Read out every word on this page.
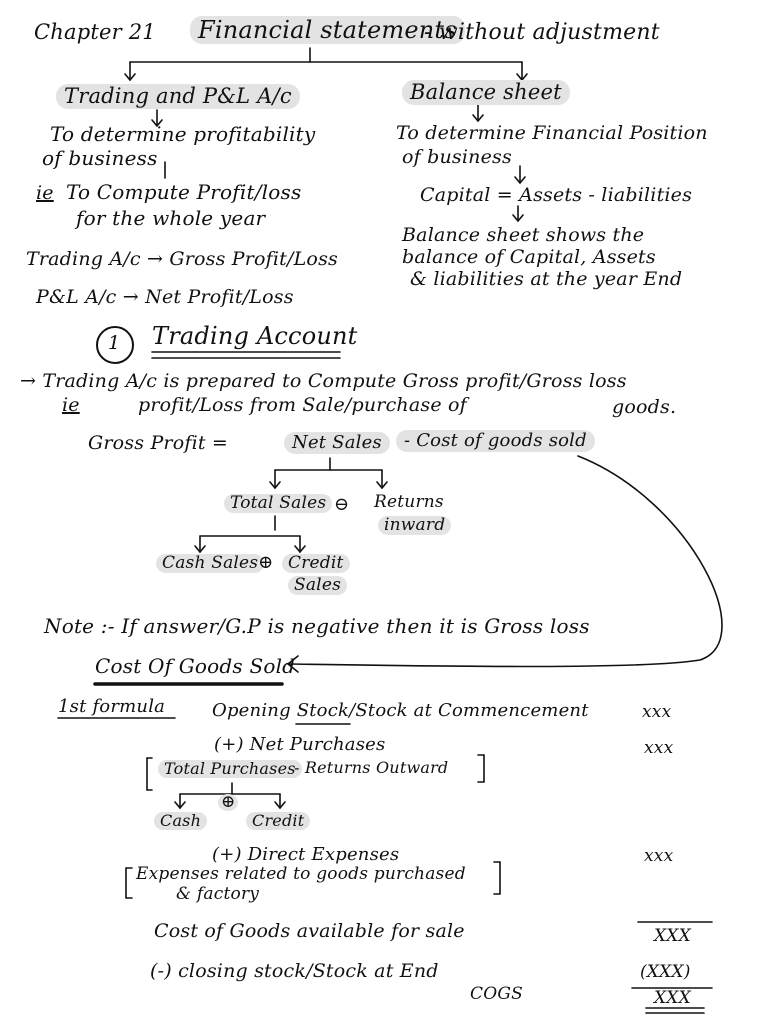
Chapter 21	Financial statements
- without adjustment
Trading and P&L A/c
To determine profitability
of business
ie To Compute Profit/loss
for the whole year
Trading A/c → Gross Profit/Loss
P&L A/c → Net Profit/Loss
Balance sheet
To determine Financial Position
of business
Capital = Assets - liabilities
Balance sheet shows the
balance of Capital, Assets
& liabilities at the year End
1 Trading Account
→ Trading A/c is prepared to Compute Gross profit/Gross loss
ie	profit/Loss from Sale/purchase of	goods.
Gross Profit =	Net Sales	- Cost of goods sold
Total Sales ⊖ Returns
inward
Cash Sales ⊕ Credit
Sales
Note :- If answer/G.P is negative then it is Gross loss
Cost Of Goods Sold
1st formula	Opening Stock/Stock at Commencement	xxx
(+) Net Purchases	xxx
Total Purchases
- Returns Outward
Cash
⊕
Credit
(+) Direct Expenses	xxx
Expenses related to goods purchased
& factory
Cost of Goods available for sale	XXX
(-) closing stock/Stock at End	(XXX)
COGS	XXX
